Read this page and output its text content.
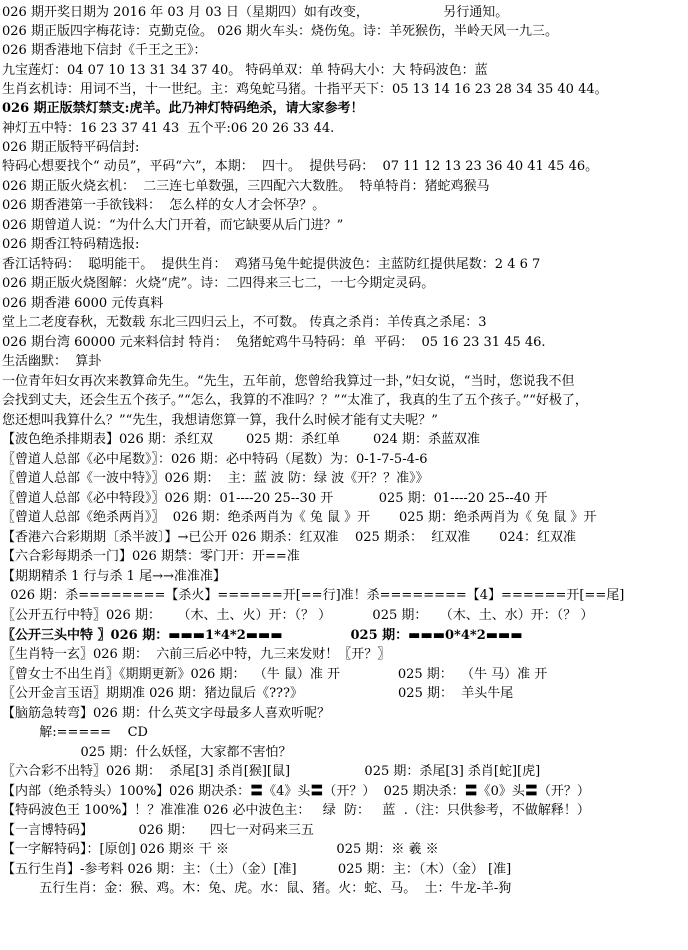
026 期开奖日期为 2016 年 03 月 03 日（星期四）如有改变，                  另行通知。
026 期正版四字梅花诗：克勤克俭。 026 期火车头：烧伤兔。诗：羊死猴伤，半岭天风一九三。
026 期香港地下信封《千王之王》：
九宝莲灯：04 07 10 13 31 34 37 40。 特码单双：单 特码大小：大 特码波色：蓝
生肖玄机诗：用词不当，十一世纪。主：鸡兔蛇马猪。十指平天下：05 13 14 16 23 28 34 35 40 44。
026 期正版禁灯禁支:虎羊。此乃神灯特码绝杀，请大家参考！
神灯五中特：16 23 37 41 43  五个平:06 20 26 33 44.
026 期正版特平码信封:
特码心想要找个“ 动员”，平码“六”，本期：  四十。  提供号码：  07 11 12 13 23 36 40 41 45 46。
026 期正版火烧玄机：  二三连七单数强，三四配六大数胜。  特单特肖：猪蛇鸡猴马
026 期香港第一手欲钱料：  怎么样的女人才会怀孕？。
026 期曾道人说：“为什么大门开着，而它缺要从后门进？”
026 期香江特码精选报:
香江话特码：  聪明能干。  提供生肖：  鸡猪马兔牛蛇提供波色：主蓝防红提供尾数：2 4 6 7
026 期正版火烧图解：火烧“虎”。诗：二四得来三七二，一七今期定灵码。
026 期香港 6000 元传真料
堂上二老度春秋，无数载 东北三四归云上，不可数。 传真之杀肖：羊传真之杀尾：3
026 期台湾 60000 元来料信封 特肖：  兔猪蛇鸡牛马特码：单  平码：  05 16 23 31 45 46.
生活幽默：  算卦
一位青年妇女再次来教算命先生。“先生，五年前，您曾给我算过一卦，”妇女说，“当时，您说我不但
会找到丈夫，还会生五个孩子。”“怎么，我算的不准吗？？”“太准了，我真的生了五个孩子。”“好极了，
您还想叫我算什么？”“先生，我想请您算一算，我什么时候才能有丈夫呢？”
【波色绝杀排期表】026 期：杀红双        025 期：杀红单        024 期：杀蓝双准
〖曾道人总部《必中尾数》〗：026 期：必中特码（尾数）为：0-1-7-5-4-6
〖曾道人总部《一波中特》〗026 期：  主：蓝 波 防：绿 波《开？？准》》
〖曾道人总部《必中特段》〗026 期：01----20 25--30 开           025 期：01----20 25--40 开
〖曾道人总部《绝杀两肖》〗  026 期：绝杀两肖为《 兔 鼠 》开       025 期：绝杀两肖为《 兔 鼠 》开
【香港六合彩期期〔杀半波〕】→已公开 026 期杀：红双准    025 期杀：  红双准       024：红双准
【六合彩每期杀一门】026 期禁：零门开：开==准
【期期精杀 1 行与杀 1 尾→→准准准】
026 期：杀========【杀火】======开[==行]准！杀========【4】======开[==尾]
〖公开五行中特〗026 期：    （木、土、火）开：（？ ）          025 期：   （木、土、水）开：（？ ）
〖公开三头中特 〗026 期：▬▬▬1*4*2▬▬▬               025 期：▬▬▬0*4*2▬▬▬
〖生肖特一玄〗026 期：  六前三后必中特，九三来发财！〖开？〗
〖曾女士不出生肖〗《期期更新》026 期：  （牛 鼠）准 开              025 期：  （牛 马）准 开
〖公开金言玉语〗期期准 026 期：猪边鼠后《???》                       025 期：  羊头牛尾
【脑筋急转弯】026 期：什么英文字母最多人喜欢听呢？
解:=====    CD
025 期：什么妖怪，大家都不害怕？
〖六合彩不出特〗026 期：  杀尾[3] 杀肖[猴][鼠]                  025 期：杀尾[3] 杀肖[蛇][虎]
【内部（绝杀特头）100%】026 期决杀：〓《4》头〓（开？）  025 期决杀：〓《0》头〓（开？）
【特码波色王 100%】！？准准准 026 必中波色主：   绿  防：   蓝  .（注：只供参考，不做解释！）
【一言博特码】           026 期：    四七一对码来三五
【一字解特码】：[原创] 026 期※ 干 ※                          025 期：※ 羲 ※
【五行生肖】-参考料 026 期：主：（土）（金）[准]          025 期：主：（木）（金） [准]
五行生肖：金：猴、鸡。木：兔、虎。水：鼠、猪。火：蛇、马。  土：牛龙-羊-狗
